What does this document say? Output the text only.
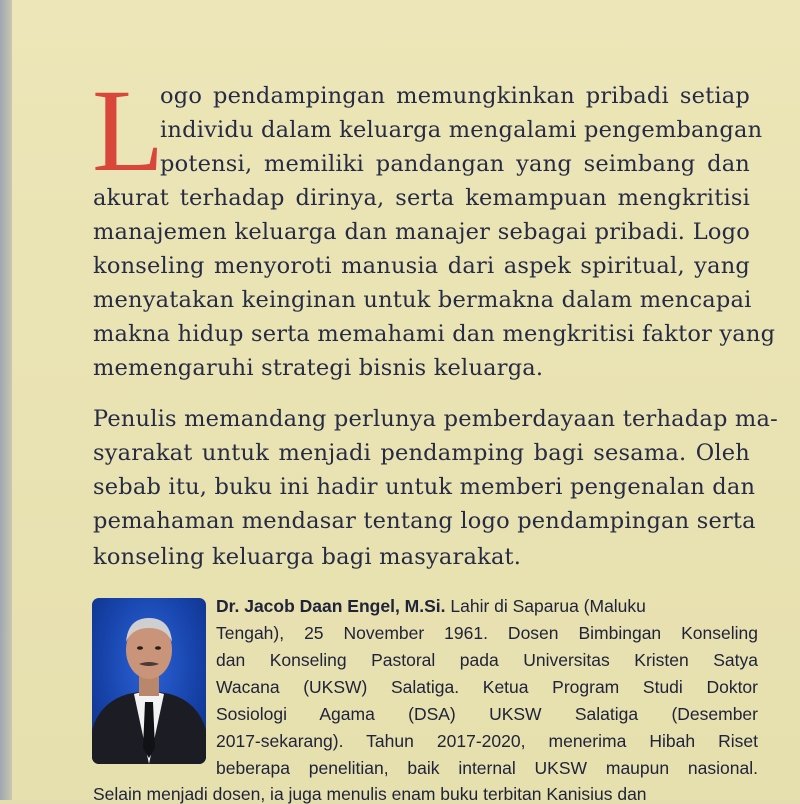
L
ogo pendampingan memungkinkan pribadi setiap
individu dalam keluarga mengalami pengembangan
potensi, memiliki pandangan yang seimbang dan
akurat terhadap dirinya, serta kemampuan mengkritisi
manajemen keluarga dan manajer sebagai pribadi. Logo
konseling menyoroti manusia dari aspek spiritual, yang
menyatakan keinginan untuk bermakna dalam mencapai
makna hidup serta memahami dan mengkritisi faktor yang
memengaruhi strategi bisnis keluarga.
Penulis memandang perlunya pemberdayaan terhadap ma-
syarakat untuk menjadi pendamping bagi sesama. Oleh
sebab itu, buku ini hadir untuk memberi pengenalan dan
pemahaman mendasar tentang logo pendampingan serta
konseling keluarga bagi masyarakat.
Dr. Jacob Daan Engel, M.Si. Lahir di Saparua (Maluku
Tengah), 25 November 1961. Dosen Bimbingan Konseling
dan Konseling Pastoral pada Universitas Kristen Satya
Wacana (UKSW) Salatiga. Ketua Program Studi Doktor
Sosiologi Agama (DSA) UKSW Salatiga (Desember
2017-sekarang). Tahun 2017-2020, menerima Hibah Riset
beberapa penelitian, baik internal UKSW maupun nasional.
Selain menjadi dosen, ia juga menulis enam buku terbitan Kanisius dan
